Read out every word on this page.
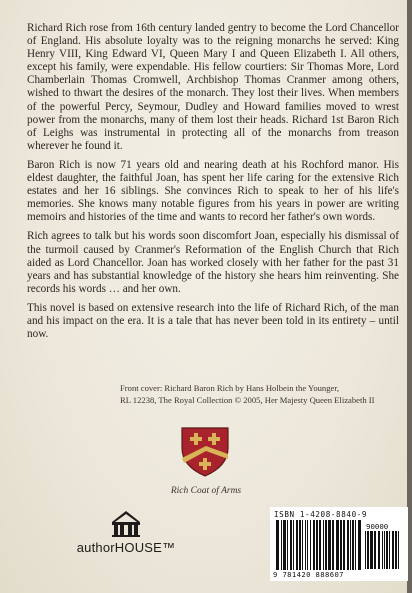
Richard Rich rose from 16th century landed gentry to become the Lord Chancellor of England. His absolute loyalty was to the reigning monarchs he served: King Henry VIII, King Edward VI, Queen Mary I and Queen Elizabeth I. All others, except his family, were expendable. His fellow courtiers: Sir Thomas More, Lord Chamberlain Thomas Cromwell, Archbishop Thomas Cranmer among others, wished to thwart the desires of the monarch. They lost their lives. When members of the powerful Percy, Seymour, Dudley and Howard families moved to wrest power from the monarchs, many of them lost their heads. Richard 1st Baron Rich of Leighs was instrumental in protecting all of the monarchs from treason wherever he found it.

Baron Rich is now 71 years old and nearing death at his Rochford manor. His eldest daughter, the faithful Joan, has spent her life caring for the extensive Rich estates and her 16 siblings. She convinces Rich to speak to her of his life's memories. She knows many notable figures from his years in power are writing memoirs and histories of the time and wants to record her father's own words.

Rich agrees to talk but his words soon discomfort Joan, especially his dismissal of the turmoil caused by Cranmer's Reformation of the English Church that Rich aided as Lord Chancellor. Joan has worked closely with her father for the past 31 years and has substantial knowledge of the history she hears him reinventing. She records his words … and her own.

This novel is based on extensive research into the life of Richard Rich, of the man and his impact on the era. It is a tale that has never been told in its entirety – until now.

Front cover: Richard Baron Rich by Hans Holbein the Younger,
RL 12238, The Royal Collection © 2005, Her Majesty Queen Elizabeth II
Rich Coat of Arms
authorHOUSE™
ISBN 1-4208-8840-9
90000
9 781420 888607
